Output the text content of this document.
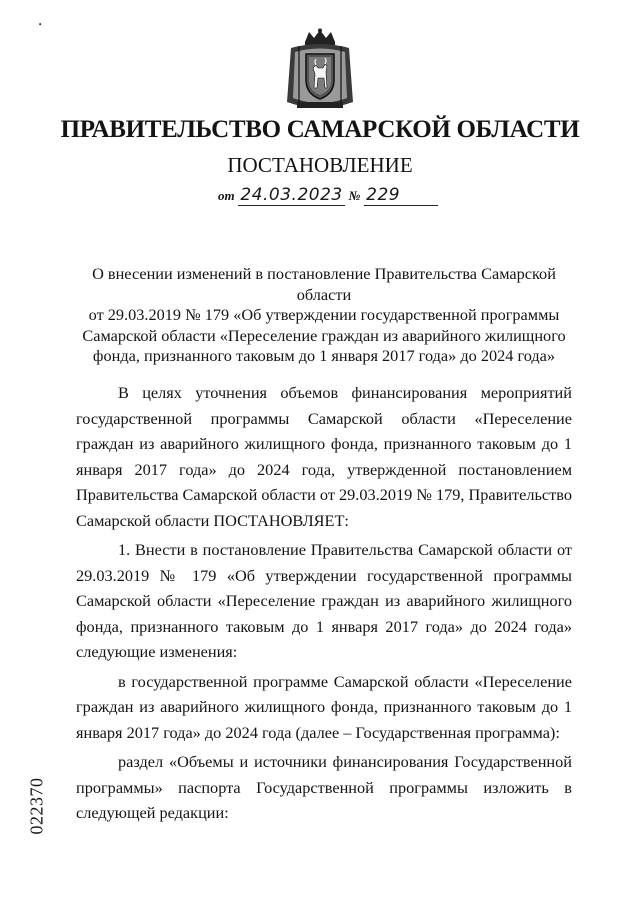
⸱
ПРАВИТЕЛЬСТВО САМАРСКОЙ ОБЛАСТИ
ПОСТАНОВЛЕНИЕ
от 24.03.2023 № 229
О внесении изменений в постановление Правительства Самарской области
от 29.03.2019 № 179 «Об утверждении государственной программы
Самарской области «Переселение граждан из аварийного жилищного
фонда, признанного таковым до 1 января 2017 года» до 2024 года»

В целях уточнения объемов финансирования мероприятий государственной программы Самарской области «Переселение граждан из аварийного жилищного фонда, признанного таковым до 1 января 2017 года» до 2024 года, утвержденной постановлением Правительства Самарской области от 29.03.2019 № 179, Правительство Самарской области ПОСТАНОВЛЯЕТ:

1. Внести в постановление Правительства Самарской области от 29.03.2019 № 179 «Об утверждении государственной программы Самарской области «Переселение граждан из аварийного жилищного фонда, признанного таковым до 1 января 2017 года» до 2024 года» следующие изменения:

в государственной программе Самарской области «Переселение граждан из аварийного жилищного фонда, признанного таковым до 1 января 2017 года» до 2024 года (далее – Государственная программа):

раздел «Объемы и источники финансирования Государственной программы» паспорта Государственной программы изложить в следующей редакции:

022370
